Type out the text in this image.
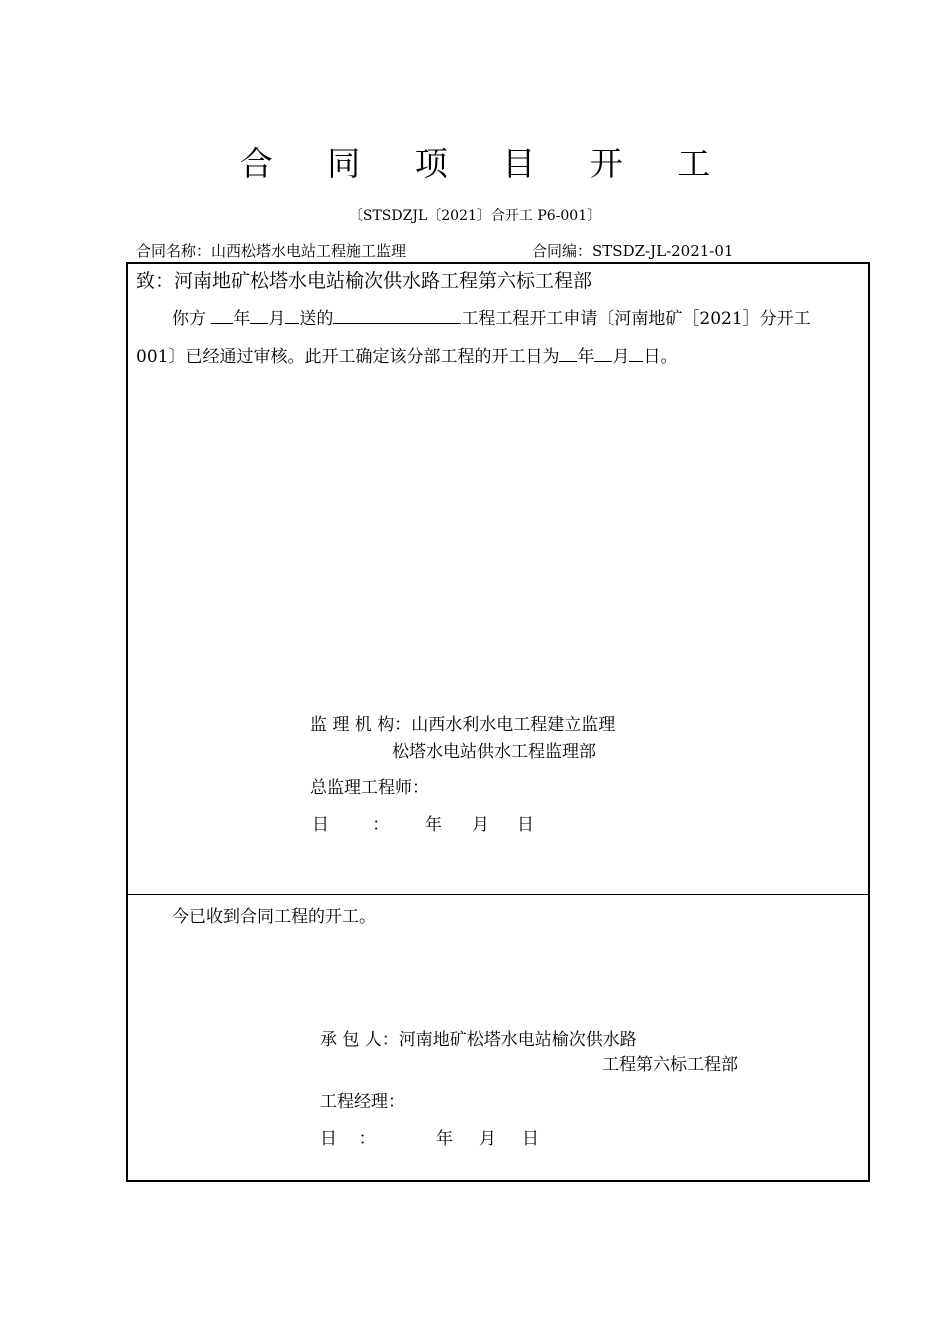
合 同 项 目 开 工
〔STSDZJL〔2021〕合开工 P6-001〕
合同名称：山西松塔水电站工程施工监理	合同编：STSDZ-JL-2021-01
致：河南地矿松塔水电站榆次供水路工程第六标工程部
你方 年 月 送的	工程工程开工申请〔河南地矿［2021］分开工
001〕已经通过审核。此开工确定该分部工程的开工日为 年 月 日。
监 理 机 构：山西水利水电工程建立监理
松塔水电站供水工程监理部
总监理工程师：
日        ： 年 月 日
今已收到合同工程的开工。
承 包 人：河南地矿松塔水电站榆次供水路
工程第六标工程部
工程经理：
日    ：	年 月 日
